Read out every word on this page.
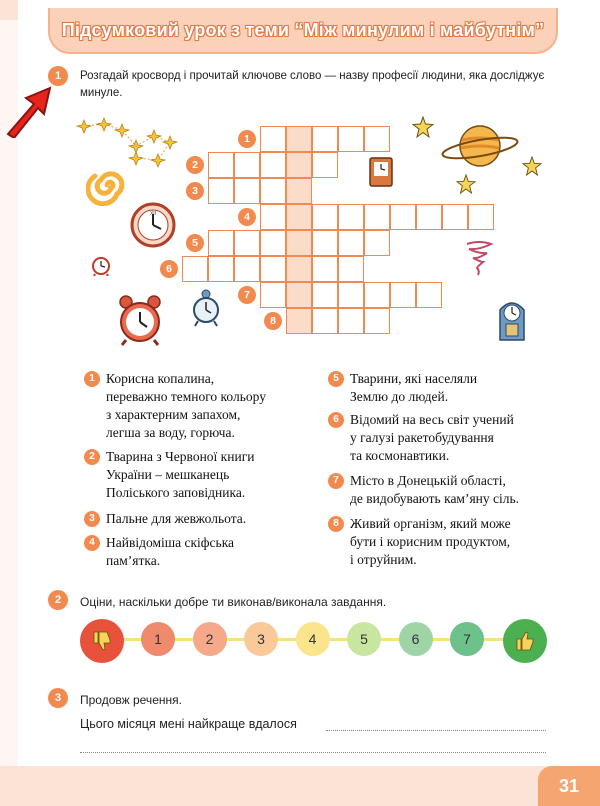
Підсумковий урок з теми “Між минулим і майбутнім”
1	Розгадай кросворд і прочитай ключове слово — назву професії людини, яка досліджує минуле.
1
2
3
4
5
6
7
8
XII
1 Корисна копалина,
переважно темного кольору
з характерним запахом,
легша за воду, горюча.
2 Тварина з Червоної книги
України – мешканець
Поліського заповідника.
3 Пальне для жевжольота.
4 Найвідоміша скіфська
пам’ятка.
5 Тварини, які населяли
Землю до людей.
6 Відомий на весь світ учений
у галузі ракетобудування
та космонавтики.
7 Місто в Донецькій області,
де видобувають кам’яну сіль.
8 Живий організм, який може
бути і корисним продуктом,
і отруйним.
2	Оціни, наскільки добре ти виконав/виконала завдання.
1	2	3	4	5	6	7
3	Продовж речення.
Цього місяця мені найкраще вдалося
31
